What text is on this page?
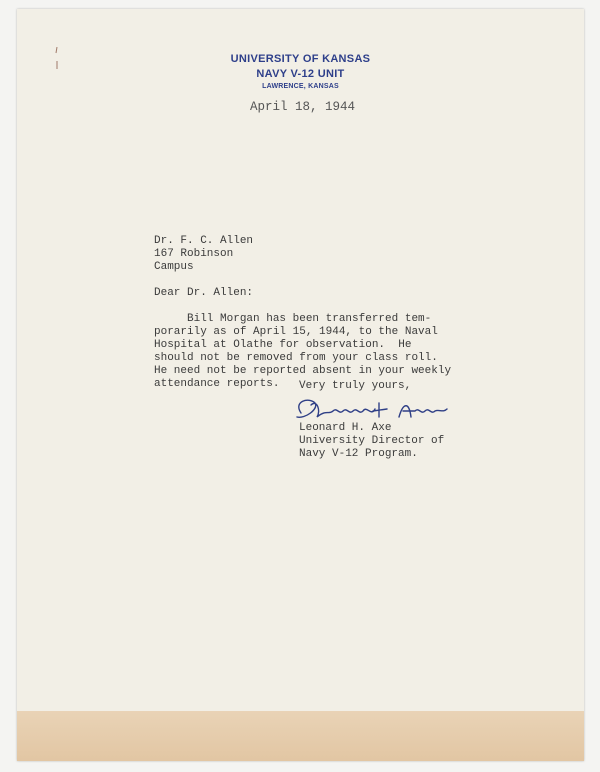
UNIVERSITY OF KANSAS
NAVY V-12 UNIT
LAWRENCE, KANSAS
April 18, 1944
Dr. F. C. Allen
167 Robinson
Campus
Dear Dr. Allen:
Bill Morgan has been transferred tem-
porarily as of April 15, 1944, to the Naval
Hospital at Olathe for observation.  He
should not be removed from your class roll.
He need not be reported absent in your weekly
attendance reports. Very truly yours,
Leonard H. Axe
University Director of
Navy V-12 Program.
